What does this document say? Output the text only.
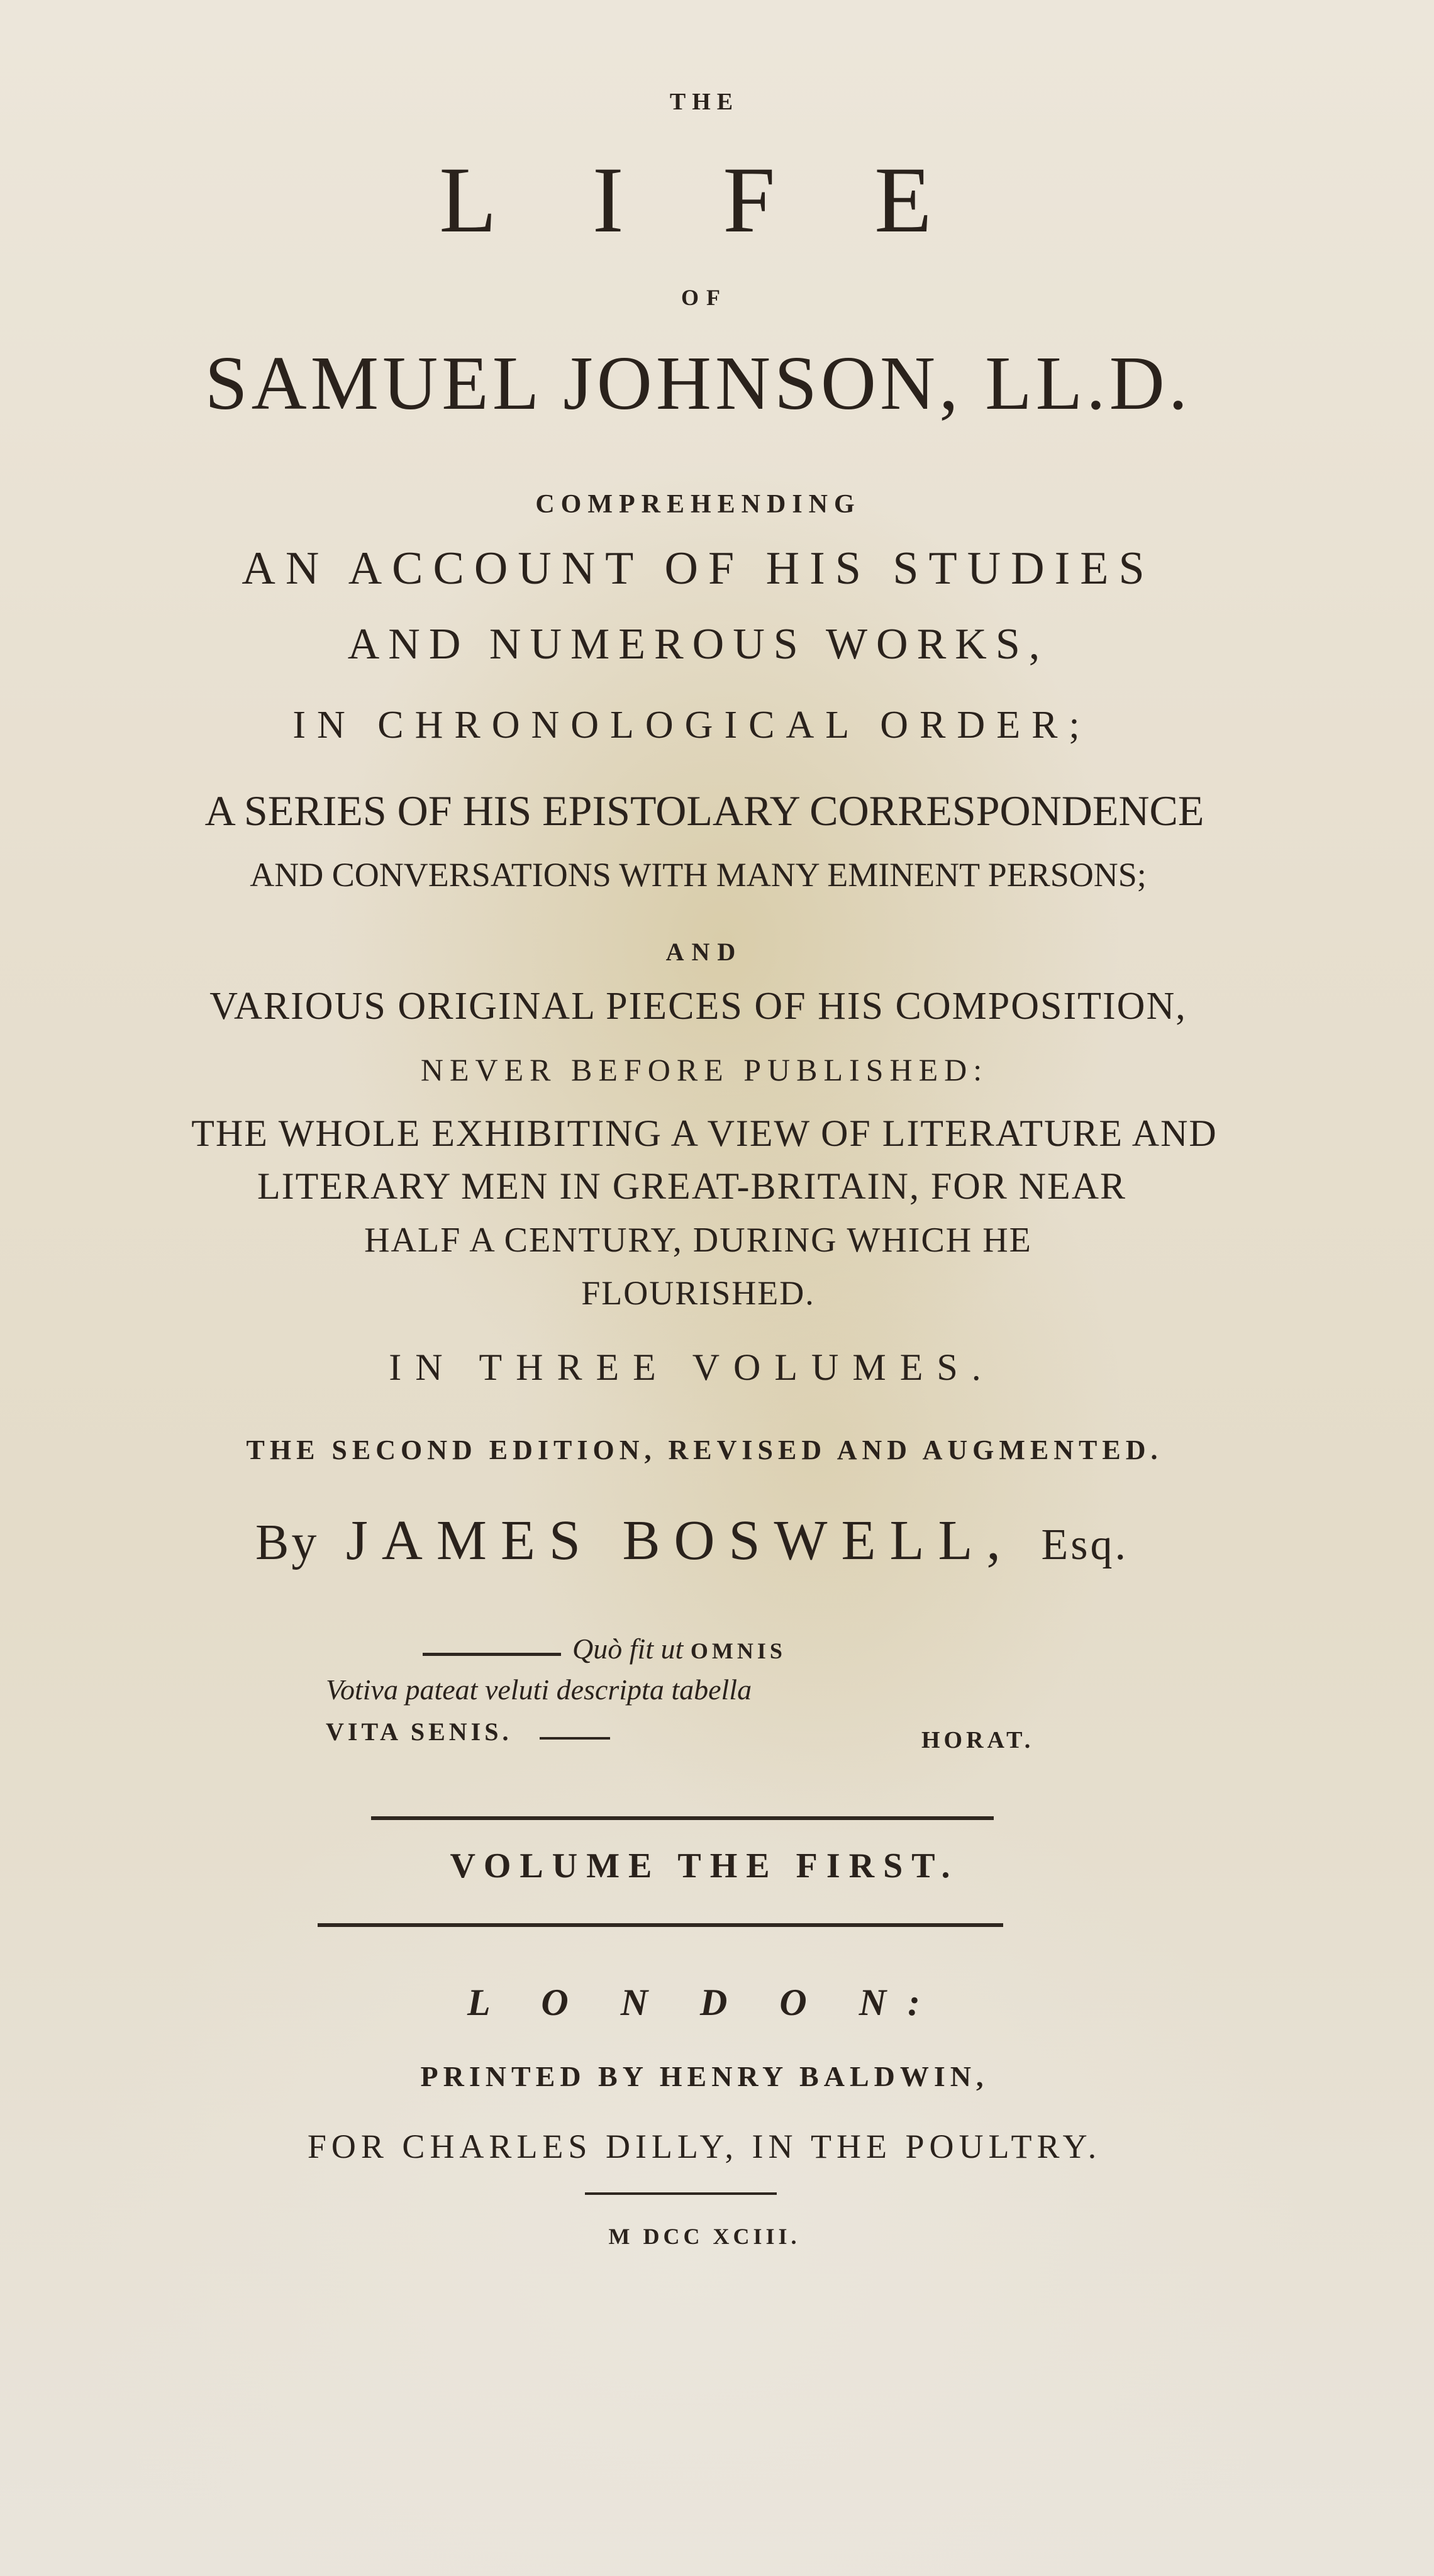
THE
L I F E
OF
SAMUEL JOHNSON, LL.D.
COMPREHENDING
AN ACCOUNT OF HIS STUDIES
AND NUMEROUS WORKS,
IN CHRONOLOGICAL ORDER;
A SERIES OF HIS EPISTOLARY CORRESPONDENCE
AND CONVERSATIONS WITH MANY EMINENT PERSONS;
AND
VARIOUS ORIGINAL PIECES OF HIS COMPOSITION,
NEVER BEFORE PUBLISHED:
THE WHOLE EXHIBITING A VIEW OF LITERATURE AND
LITERARY MEN IN GREAT-BRITAIN, FOR NEAR
HALF A CENTURY, DURING WHICH HE
FLOURISHED.
IN THREE VOLUMES.
THE SECOND EDITION, REVISED AND AUGMENTED.
By JAMES BOSWELL, Esq.
Quò fit ut OMNIS
Votiva pateat veluti descripta tabella
VITA SENIS.	HORAT.
VOLUME THE FIRST.
L O N D O N:
PRINTED BY HENRY BALDWIN,
FOR CHARLES DILLY, IN THE POULTRY.
M DCC XCIII.
